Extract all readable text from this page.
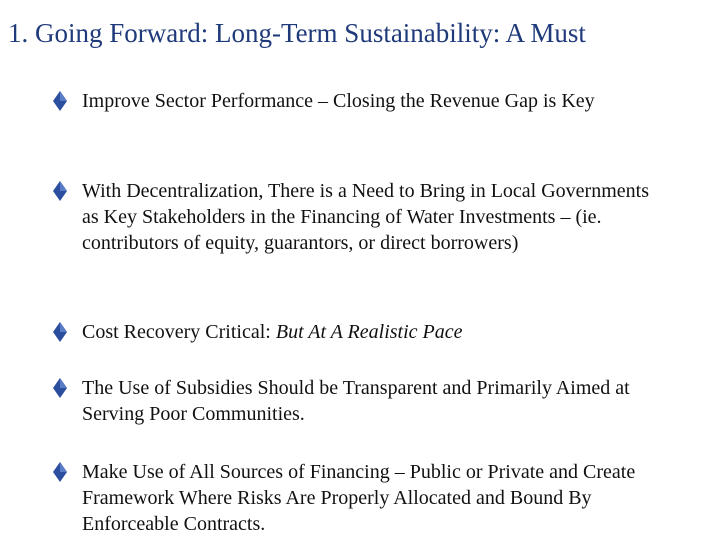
1. Going Forward: Long-Term Sustainability: A Must
Improve Sector Performance – Closing the Revenue Gap is Key
With Decentralization, There is a Need to Bring in Local Governments as Key Stakeholders in the Financing of Water Investments – (ie. contributors of equity, guarantors, or direct borrowers)
Cost Recovery Critical: But At A Realistic Pace
The Use of Subsidies Should be Transparent and Primarily Aimed at Serving Poor Communities.
Make Use of All Sources of Financing – Public or Private and Create Framework Where Risks Are Properly Allocated and Bound By Enforceable Contracts.
